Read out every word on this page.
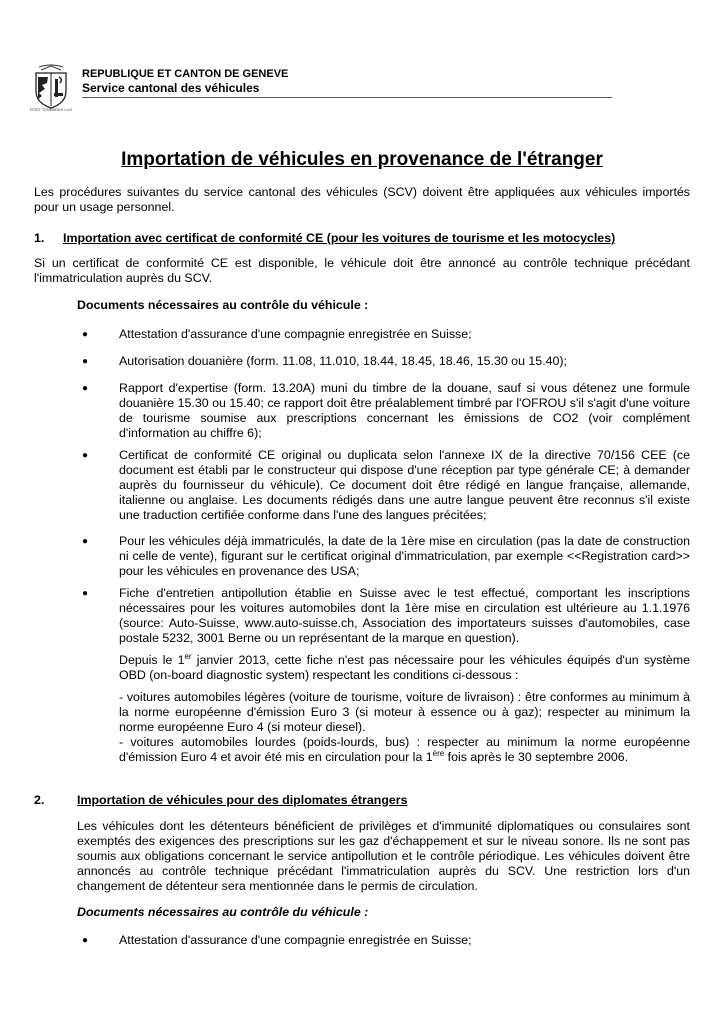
POST TENEBRAS LUX
REPUBLIQUE ET CANTON DE GENEVE
Service cantonal des véhicules
Importation de véhicules en provenance de l'étranger

Les procédures suivantes du service cantonal des véhicules (SCV) doivent être appliquées aux véhicules importés pour un usage personnel.

1. Importation avec certificat de conformité CE (pour les voitures de tourisme et les motocycles)

Si un certificat de conformité CE est disponible, le véhicule doit être annoncé au contrôle technique précédant l'immatriculation auprès du SCV.

Documents nécessaires au contrôle du véhicule :
●	Attestation d'assurance d'une compagnie enregistrée en Suisse;

●	Autorisation douanière (form. 11.08, 11.010, 18.44, 18.45, 18.46, 15.30 ou 15.40);

●	Rapport d'expertise (form. 13.20A) muni du timbre de la douane, sauf si vous détenez une formule douanière 15.30 ou 15.40; ce rapport doit être préalablement timbré par l'OFROU s'il s'agit d'une voiture de tourisme soumise aux prescriptions concernant les émissions de CO2 (voir complément d'information au chiffre 6);

●	Certificat de conformité CE original ou duplicata selon l'annexe IX de la directive 70/156 CEE (ce document est établi par le constructeur qui dispose d'une réception par type générale CE; à demander auprès du fournisseur du véhicule). Ce document doit être rédigé en langue française, allemande, italienne ou anglaise. Les documents rédigés dans une autre langue peuvent être reconnus s'il existe une traduction certifiée conforme dans l'une des langues précitées;

●	Pour les véhicules déjà immatriculés, la date de la 1ère mise en circulation (pas la date de construction ni celle de vente), figurant sur le certificat original d'immatriculation, par exemple <<Registration card>> pour les véhicules en provenance des USA;

●	Fiche d'entretien antipollution établie en Suisse avec le test effectué, comportant les inscriptions nécessaires pour les voitures automobiles dont la 1ère mise en circulation est ultérieure au 1.1.1976 (source: Auto-Suisse, www.auto-suisse.ch, Association des importateurs suisses d'automobiles, case postale 5232, 3001 Berne ou un représentant de la marque en question).

Depuis le 1er janvier 2013, cette fiche n'est pas nécessaire pour les véhicules équipés d'un système OBD (on-board diagnostic system) respectant les conditions ci-dessous :

- voitures automobiles légères (voiture de tourisme, voiture de livraison) : être conformes au minimum à la norme européenne d'émission Euro 3 (si moteur à essence ou à gaz); respecter au minimum la norme européenne Euro 4 (si moteur diesel).

- voitures automobiles lourdes (poids-lourds, bus) : respecter au minimum la norme européenne d'émission Euro 4 et avoir été mis en circulation pour la 1ère fois après le 30 septembre 2006.

2.	Importation de véhicules pour des diplomates étrangers

Les véhicules dont les détenteurs bénéficient de privilèges et d'immunité diplomatiques ou consulaires sont exemptés des exigences des prescriptions sur les gaz d'échappement et sur le niveau sonore. Ils ne sont pas soumis aux obligations concernant le service antipollution et le contrôle périodique. Les véhicules doivent être annoncés au contrôle technique précédant l'immatriculation auprès du SCV. Une restriction lors d'un changement de détenteur sera mentionnée dans le permis de circulation.

Documents nécessaires au contrôle du véhicule :
●	Attestation d'assurance d'une compagnie enregistrée en Suisse;
